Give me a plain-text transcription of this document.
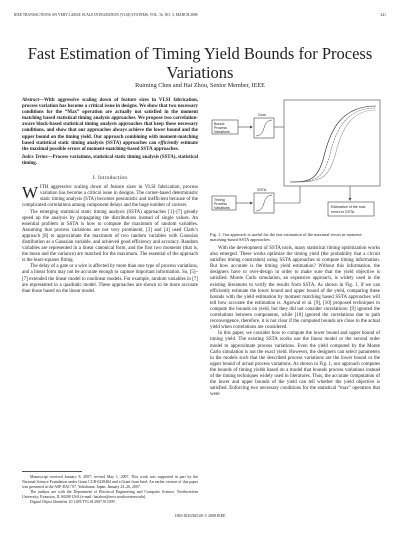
IEEE TRANSACTIONS ON VERY LARGE SCALE INTEGRATION (VLSI) SYSTEMS, VOL. 16, NO. 3, MARCH 2008	241
Fast Estimation of Timing Yield Bounds for Process Variations
Ruiming Chen and Hai Zhou, Senior Member, IEEE
Abstract—With aggressive scaling down of feature sizes in VLSI fabrication, process variation has become a critical issue in designs. We show that two necessary conditions for the “Max” operation are actually not satisfied in the moment matching based statistical timing analysis approaches. We propose two correlation-aware block-based statistical timing analysis approaches that keep these necessary conditions, and show that our approaches always achieve the lower bound and the upper bound on the timing yield. Our approach combining with moment-matching based statistical static timing analysis (SSTA) approaches can efficiently estimate the maximal possible errors of moment-matching-based SSTA approaches.
Index Terms—Process variations, statistical static timing analysis (SSTA), statistical timing.
I. Introduction

WITH aggressive scaling down of feature sizes in VLSI fabrication, process variation has become a critical issue in designs. The corner-based deterministic static timing analysis (STA) becomes pessimistic and inefficient because of the complicated correlations among component delays and the huge number of corners.

The emerging statistical static timing analysis (SSTA) approaches [1]–[7] greatly speed up the analysis by propagating the distributions instead of single values. An essential problem in SSTA is how to compute the maximum of random variables. Assuming that process variations are not very prominent, [3] and [4] used Clark’s approach [8] to approximate the maximum of two random variables with Gaussian distribution as a Gaussian variable, and achieved good efficiency and accuracy. Random variables are represented in a linear canonical form, and the first two moments (that is, the mean and the variance) are matched for the maximum. The essential of the approach is the least-squares fitting.

The delay of a gate or a wire is affected by more than one type of process variations, and a linear form may not be accurate enough to capture important information. So, [5]–[7] extended the linear model to nonlinear models. For example, random variables in [7] are represented in a quadratic model. These approaches are shown to be more accurate than those based on the linear model.

Manuscript received January 8, 2007; revised May 1, 2007. This work was supported in part by the National Science Foundation under Grant CCR-0238484 and a Grant from Intel. An earlier version of this paper was presented at the ASP-DAC’07, Yokohama, Japan, January 23–26, 2007.

The authors are with the Department of Electrical Engineering and Computer Science, Northwestern University, Evanston, IL 60208 USA (e-mail: haizhou@eecs.northwestern.edu).

Digital Object Identifier 10.1109/TVLSI.2007.915399

Bound
Process
Variations
Ours
Timing
Process
Variations
SSTA
Estimation of the max
errors in SSTA
Fig. 1. Our approach is useful for the fast estimation of the maximal errors in moment-matching-based SSTA approaches.

With the development of SSTA tools, many statistical timing optimization works also emerged. These works optimize the timing yield (the probability that a circuit satisfies timing constraints) using SSTA approaches to compute timing information. But how accurate is the timing yield estimation? Without this information, the designers have to over-design in order to make sure that the yield objective is satisfied. Monte Carlo simulation, an expensive approach, is widely used in the existing literatures to verify the results from SSTA. As shown in Fig. 1, if we can efficiently estimate the lower bound and upper bound of the yield, comparing these bounds with the yield estimation by moment matching based SSTA approaches will tell how accurate the estimation is. Agarwal et al. [9], [10] proposed techniques to compute the bounds on yield, but they did not consider correlations: [9] ignored the correlations between components, while [10] ignored the correlations due to path reconvergence, therefore, it is not clear if the computed bounds are close to the actual yield when correlations are considered.

In this paper, we consider how to compute the lower bound and upper bound of timing yield. The existing SSTA works use the linear model or the second order model to approximate process variations. Even the yield computed by the Monte Carlo simulation is not the exact yield. However, the designers can select parameters in the models such that the described process variations are the lower bound or the upper bound of actual process variations. As shown in Fig. 1, our approach computes the bounds of timing yields based on a model that bounds process variations instead of the timing techniques widely used in literatures. Thus, the accurate computation of the lower and upper bounds of the yield can tell whether the yield objective is satisfied. Enforcing two necessary conditions for the statistical “max” operation that were

1063-8210/$25.00 © 2008 IEEE
